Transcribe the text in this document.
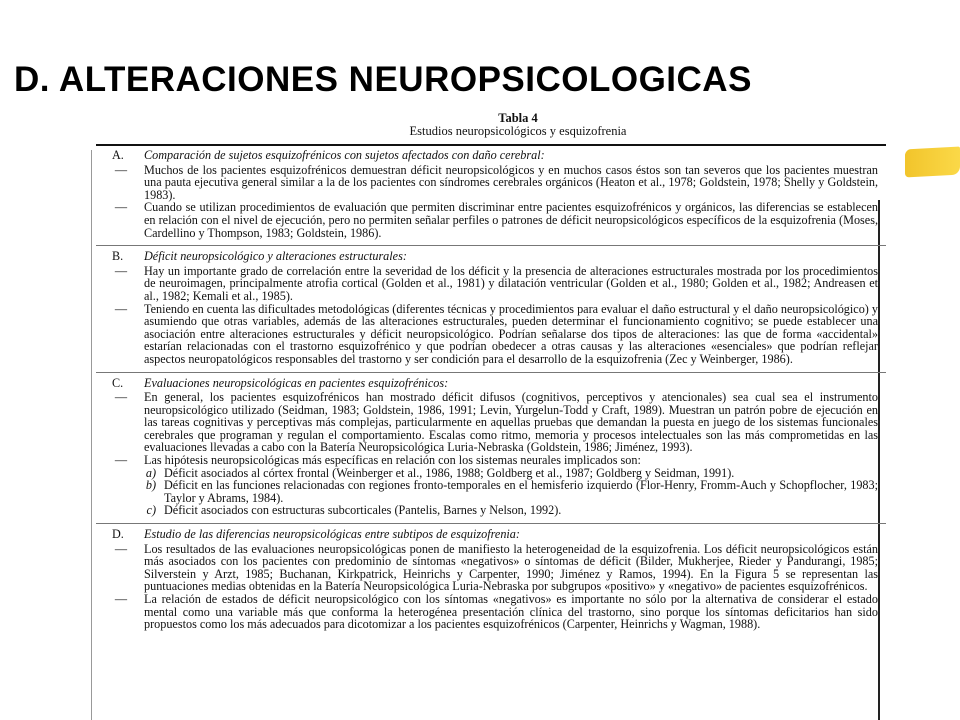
D. ALTERACIONES NEUROPSICOLOGICAS
Tabla 4
Estudios neuropsicológicos y esquizofrenia
A.	Comparación de sujetos esquizofrénicos con sujetos afectados con daño cerebral:
—	Muchos de los pacientes esquizofrénicos demuestran déficit neuropsicológicos y en muchos casos éstos son tan severos que los pacientes muestran una pauta ejecutiva general similar a la de los pacientes con síndromes cerebrales orgánicos (Heaton et al., 1978; Goldstein, 1978; Shelly y Goldstein, 1983).
—	Cuando se utilizan procedimientos de evaluación que permiten discriminar entre pacientes esquizofrénicos y orgánicos, las diferencias se establecen en relación con el nivel de ejecución, pero no permiten señalar perfiles o patrones de déficit neuropsicológicos específicos de la esquizofrenia (Moses, Cardellino y Thompson, 1983; Goldstein, 1986).
B.	Déficit neuropsicológico y alteraciones estructurales:
—	Hay un importante grado de correlación entre la severidad de los déficit y la presencia de alteraciones estructurales mostrada por los procedimientos de neuroimagen, principalmente atrofia cortical (Golden et al., 1981) y dilatación ventricular (Golden et al., 1980; Golden et al., 1982; Andreasen et al., 1982; Kemali et al., 1985).
—	Teniendo en cuenta las dificultades metodológicas (diferentes técnicas y procedimientos para evaluar el daño estructural y el daño neuropsicológico) y asumiendo que otras variables, además de las alteraciones estructurales, pueden determinar el funcionamiento cognitivo; se puede establecer una asociación entre alteraciones estructurales y déficit neuropsicológico. Podrían señalarse dos tipos de alteraciones: las que de forma «accidental» estarían relacionadas con el trastorno esquizofrénico y que podrían obedecer a otras causas y las alteraciones «esenciales» que podrían reflejar aspectos neuropatológicos responsables del trastorno y ser condición para el desarrollo de la esquizofrenia (Zec y Weinberger, 1986).
C.	Evaluaciones neuropsicológicas en pacientes esquizofrénicos:
—	En general, los pacientes esquizofrénicos han mostrado déficit difusos (cognitivos, perceptivos y atencionales) sea cual sea el instrumento neuropsicológico utilizado (Seidman, 1983; Goldstein, 1986, 1991; Levin, Yurgelun-Todd y Craft, 1989). Muestran un patrón pobre de ejecución en las tareas cognitivas y perceptivas más complejas, particularmente en aquellas pruebas que demandan la puesta en juego de los sistemas funcionales cerebrales que programan y regulan el comportamiento. Escalas como ritmo, memoria y procesos intelectuales son las más comprometidas en las evaluaciones llevadas a cabo con la Batería Neuropsicológica Luria-Nebraska (Goldstein, 1986; Jiménez, 1993).
—	Las hipótesis neuropsicológicas más específicas en relación con los sistemas neurales implicados son:
a) Déficit asociados al córtex frontal (Weinberger et al., 1986, 1988; Goldberg et al., 1987; Goldberg y Seidman, 1991).
b) Déficit en las funciones relacionadas con regiones fronto-temporales en el hemisferio izquierdo (Flor-Henry, Fromm-Auch y Schopflocher, 1983; Taylor y Abrams, 1984).
c) Déficit asociados con estructuras subcorticales (Pantelis, Barnes y Nelson, 1992).
D.	Estudio de las diferencias neuropsicológicas entre subtipos de esquizofrenia:
—	Los resultados de las evaluaciones neuropsicológicas ponen de manifiesto la heterogeneidad de la esquizofrenia. Los déficit neuropsicológicos están más asociados con los pacientes con predominio de síntomas «negativos» o síntomas de déficit (Bilder, Mukherjee, Rieder y Pandurangi, 1985; Silverstein y Arzt, 1985; Buchanan, Kirkpatrick, Heinrichs y Carpenter, 1990; Jiménez y Ramos, 1994). En la Figura 5 se representan las puntuaciones medias obtenidas en la Batería Neuropsicológica Luria-Nebraska por subgrupos «positivo» y «negativo» de pacientes esquizofrénicos.
—	La relación de estados de déficit neuropsicológico con los síntomas «negativos» es importante no sólo por la alternativa de considerar el estado mental como una variable más que conforma la heterogénea presentación clínica del trastorno, sino porque los síntomas deficitarios han sido propuestos como los más adecuados para dicotomizar a los pacientes esquizofrénicos (Carpenter, Heinrichs y Wagman, 1988).
